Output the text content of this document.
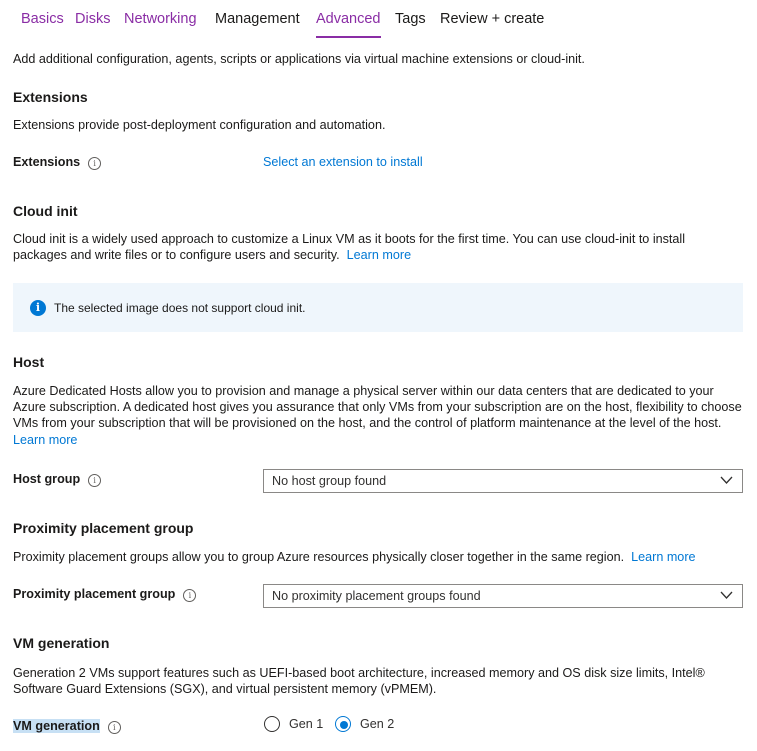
Basics Disks Networking Management Advanced Tags Review + create
Add additional configuration, agents, scripts or applications via virtual machine extensions or cloud-init.
Extensions
Extensions provide post-deployment configuration and automation.
Extensions i	Select an extension to install
Cloud init
Cloud init is a widely used approach to customize a Linux VM as it boots for the first time. You can use cloud-init to install packages and write files or to configure users and security. Learn more
i	The selected image does not support cloud init.
Host
Azure Dedicated Hosts allow you to provision and manage a physical server within our data centers that are dedicated to your Azure subscription. A dedicated host gives you assurance that only VMs from your subscription are on the host, flexibility to choose VMs from your subscription that will be provisioned on the host, and the control of platform maintenance at the level of the host.  Learn more
Host group i	No host group found
Proximity placement group
Proximity placement groups allow you to group Azure resources physically closer together in the same region. Learn more
Proximity placement group i	No proximity placement groups found
VM generation
Generation 2 VMs support features such as UEFI-based boot architecture, increased memory and OS disk size limits, Intel® Software Guard Extensions (SGX), and virtual persistent memory (vPMEM).
VM generation i	Gen 1	Gen 2
